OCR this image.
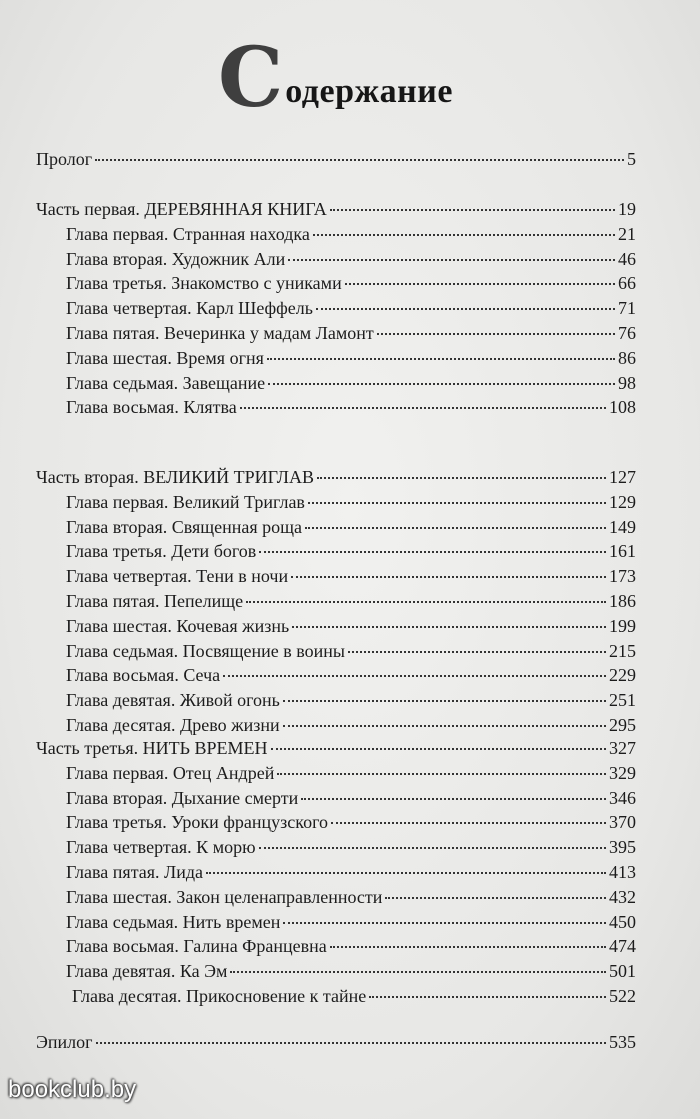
С одержание
Пролог	5
Часть первая. ДЕРЕВЯННАЯ КНИГА	19
Глава первая. Странная находка	21
Глава вторая. Художник Али	46
Глава третья. Знакомство с униками	66
Глава четвертая. Карл Шеффель	71
Глава пятая. Вечеринка у мадам Ламонт	76
Глава шестая. Время огня	86
Глава седьмая. Завещание	98
Глава восьмая. Клятва	108
Часть вторая. ВЕЛИКИЙ ТРИГЛАВ	127
Глава первая. Великий Триглав	129
Глава вторая. Священная роща	149
Глава третья. Дети богов	161
Глава четвертая. Тени в ночи	173
Глава пятая. Пепелище	186
Глава шестая. Кочевая жизнь	199
Глава седьмая. Посвящение в воины	215
Глава восьмая. Сеча	229
Глава девятая. Живой огонь	251
Глава десятая. Древо жизни	295
Часть третья. НИТЬ ВРЕМЕН	327
Глава первая. Отец Андрей	329
Глава вторая. Дыхание смерти	346
Глава третья. Уроки французского	370
Глава четвертая. К морю	395
Глава пятая. Лида	413
Глава шестая. Закон целенаправленности	432
Глава седьмая. Нить времен	450
Глава восьмая. Галина Францевна	474
Глава девятая. Ка Эм	501
Глава десятая. Прикосновение к тайне	522
Эпилог	535
bookclub.by
